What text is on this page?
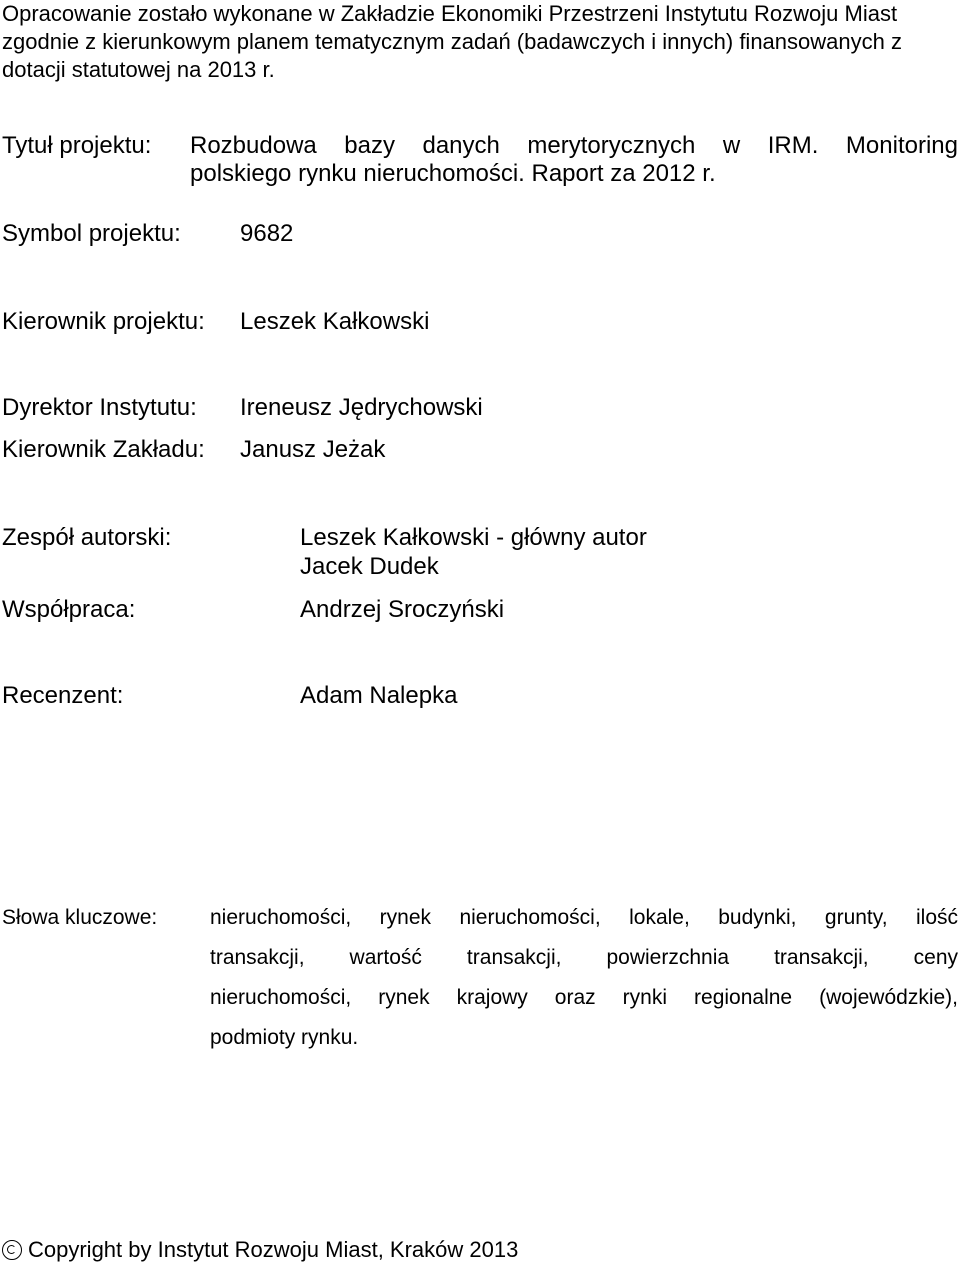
Opracowanie zostało wykonane w Zakładzie Ekonomiki Przestrzeni Instytutu Rozwoju Miast
zgodnie z kierunkowym planem tematycznym zadań (badawczych i innych) finansowanych z
dotacji statutowej na 2013 r.
Tytuł projektu: Rozbudowa bazy danych merytorycznych w IRM. Monitoring
polskiego rynku nieruchomości. Raport za 2012 r.
Symbol projektu: 9682
Kierownik projektu: Leszek Kałkowski
Dyrektor Instytutu: Ireneusz Jędrychowski
Kierownik Zakładu: Janusz Jeżak
Zespół autorski:	Leszek Kałkowski - główny autor
Jacek Dudek
Współpraca:	Andrzej Sroczyński
Recenzent:	Adam Nalepka
Słowa kluczowe:	nieruchomości, rynek nieruchomości, lokale, budynki, grunty, ilość
transakcji, wartość transakcji, powierzchnia transakcji, ceny
nieruchomości, rynek krajowy oraz rynki regionalne (wojewódzkie),
podmioty rynku.
Copyright by Instytut Rozwoju Miast, Kraków 2013
